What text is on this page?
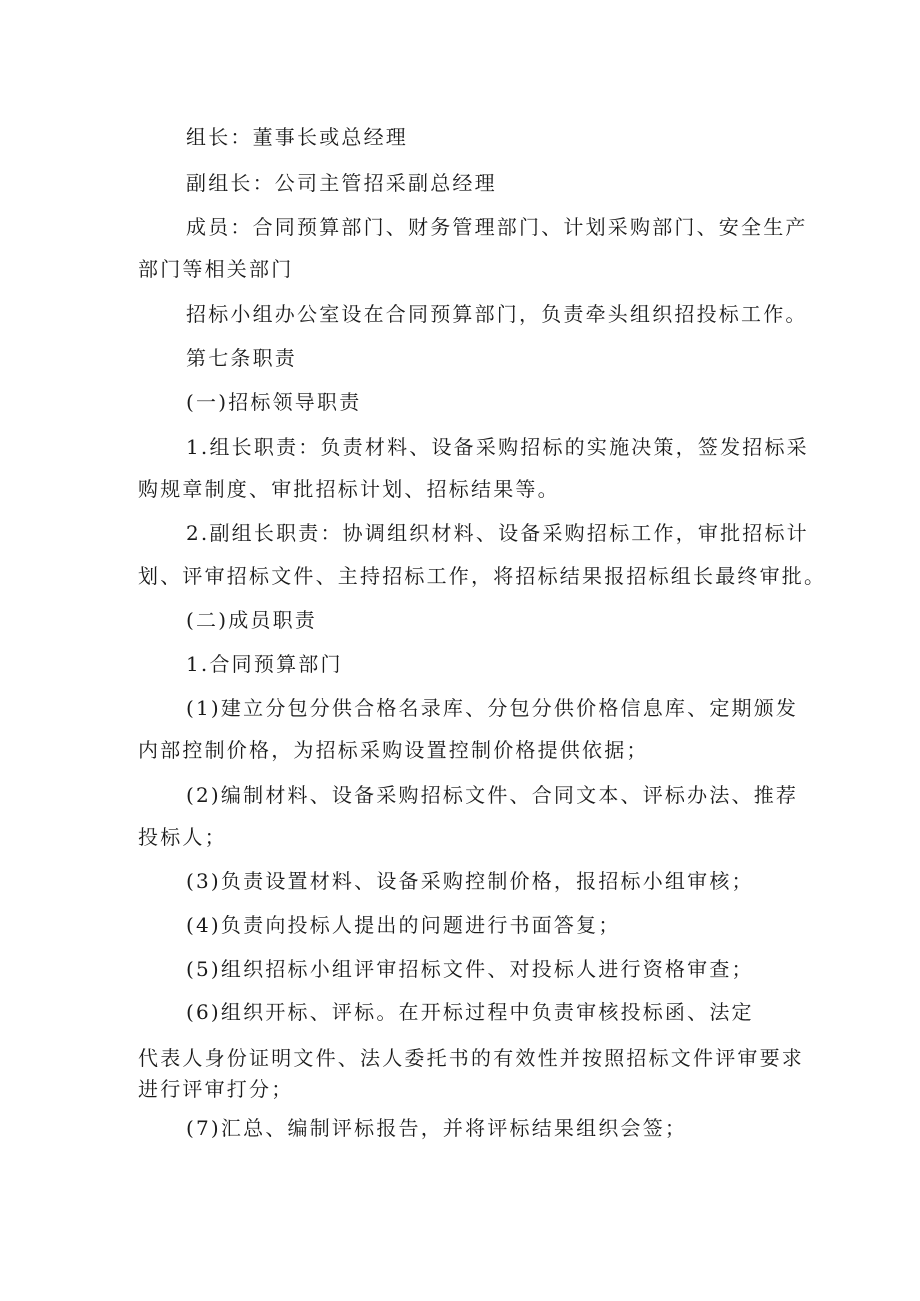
组长：董事长或总经理
副组长：公司主管招采副总经理
成员：合同预算部门、财务管理部门、计划采购部门、安全生产
部门等相关部门
招标小组办公室设在合同预算部门，负责牵头组织招投标工作。
第七条职责
(一)招标领导职责
1.组长职责：负责材料、设备采购招标的实施决策，签发招标采
购规章制度、审批招标计划、招标结果等。
2.副组长职责：协调组织材料、设备采购招标工作，审批招标计
划、评审招标文件、主持招标工作，将招标结果报招标组长最终审批。
(二)成员职责
1.合同预算部门
(1)建立分包分供合格名录库、分包分供价格信息库、定期颁发
内部控制价格，为招标采购设置控制价格提供依据；
(2)编制材料、设备采购招标文件、合同文本、评标办法、推荐
投标人；
(3)负责设置材料、设备采购控制价格，报招标小组审核；
(4)负责向投标人提出的问题进行书面答复；
(5)组织招标小组评审招标文件、对投标人进行资格审查；
(6)组织开标、评标。在开标过程中负责审核投标函、法定
代表人身份证明文件、法人委托书的有效性并按照招标文件评审要求
进行评审打分；
(7)汇总、编制评标报告，并将评标结果组织会签；
